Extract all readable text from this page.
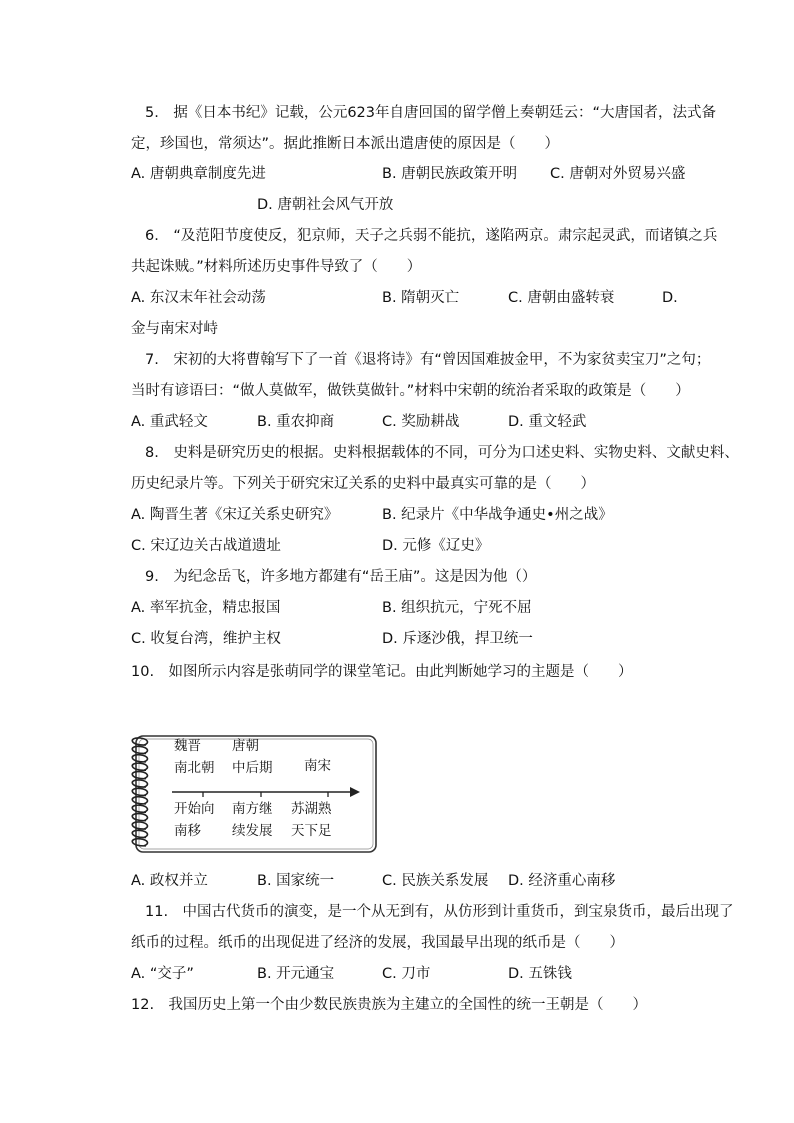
5.　据《日本书纪》记载，公元623年自唐回国的留学僧上奏朝廷云：“大唐国者，法式备
定，珍国也，常须达”。据此推断日本派出遣唐使的原因是（　　）
A. 唐朝典章制度先进	B. 唐朝民族政策开明 C. 唐朝对外贸易兴盛
D. 唐朝社会风气开放
6.　“及范阳节度使反，犯京师，天子之兵弱不能抗，遂陷两京。肃宗起灵武，而诸镇之兵
共起诛贼。”材料所述历史事件导致了（　　）
A. 东汉末年社会动荡	B. 隋朝灭亡	C. 唐朝由盛转衰	D.
金与南宋对峙
7.　宋初的大将曹翰写下了一首《退将诗》有“曾因国难披金甲，不为家贫卖宝刀”之句；
当时有谚语曰：“做人莫做军，做铁莫做针。”材料中宋朝的统治者采取的政策是（　　）
A. 重武轻文	B. 重农抑商	C. 奖励耕战	D. 重文轻武
8.　史料是研究历史的根据。史料根据载体的不同，可分为口述史料、实物史料、文献史料、
历史纪录片等。下列关于研究宋辽关系的史料中最真实可靠的是（　　）
A. 陶晋生著《宋辽关系史研究》	B. 纪录片《中华战争通史•州之战》
C. 宋辽边关古战道遗址	D. 元修《辽史》
9.　为纪念岳飞，许多地方都建有“岳王庙”。这是因为他（）
A. 率军抗金，精忠报国	B. 组织抗元，宁死不屈
C. 收复台湾，维护主权	D. 斥逐沙俄，捍卫统一
10.　如图所示内容是张萌同学的课堂笔记。由此判断她学习的主题是（　　）
魏晋
南北朝
唐朝
中后期 南宋
开始向
南移
南方继
续发展
苏湖熟
天下足
A. 政权并立	B. 国家统一	C. 民族关系发展 D. 经济重心南移
11.　中国古代货币的演变，是一个从无到有，从仿形到计重货币，到宝泉货币，最后出现了
纸币的过程。纸币的出现促进了经济的发展，我国最早出现的纸币是（　　）
A. “交子”	B. 开元通宝	C. 刀市	D. 五铢钱
12.　我国历史上第一个由少数民族贵族为主建立的全国性的统一王朝是（　　）
